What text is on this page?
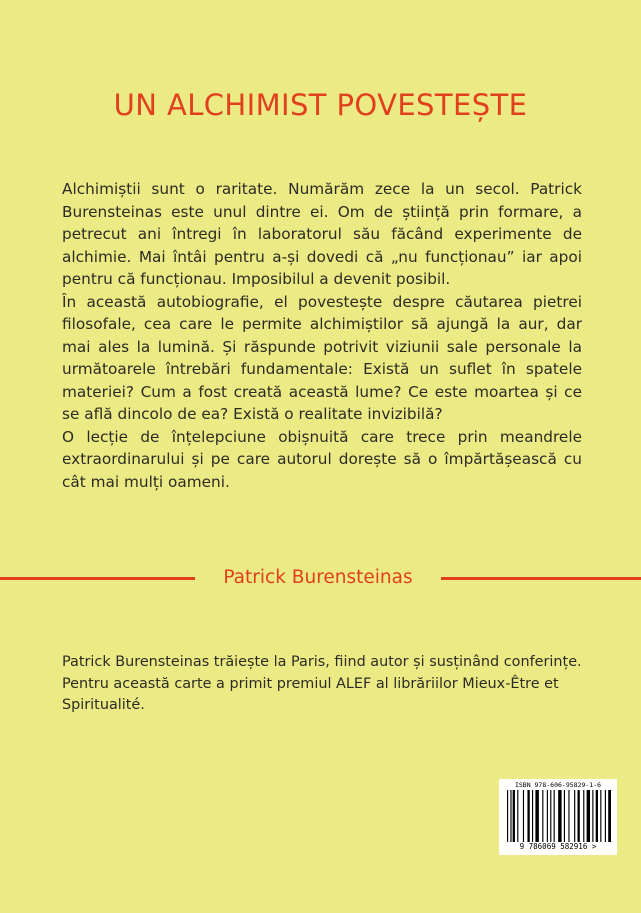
UN ALCHIMIST POVESTEȘTE

Alchimiștii sunt o raritate. Numărăm zece la un secol. Patrick Burensteinas este unul dintre ei. Om de știință prin formare, a petrecut ani întregi în laboratorul său făcând experimente de alchimie. Mai întâi pentru a-și dovedi că „nu funcționau” iar apoi pentru că funcționau. Imposibilul a devenit posibil.

În această autobiografie, el povestește despre căutarea pietrei filosofale, cea care le permite alchimiștilor să ajungă la aur, dar mai ales la lumină. Și răspunde potrivit viziunii sale personale la următoarele întrebări fundamentale: Există un suflet în spatele materiei? Cum a fost creată această lume? Ce este moartea și ce se află dincolo de ea? Există o realitate invizibilă?

O lecție de înțelepciune obișnuită care trece prin meandrele extraordinarului și pe care autorul dorește să o împărtășească cu cât mai mulți oameni.

Patrick Burensteinas

Patrick Burensteinas trăiește la Paris, fiind autor și susținând conferințe. Pentru această carte a primit premiul ALEF al librăriilor Mieux-Être et Spiritualité.

ISBN 978-606-95829-1-6
9 786069 582916 >
